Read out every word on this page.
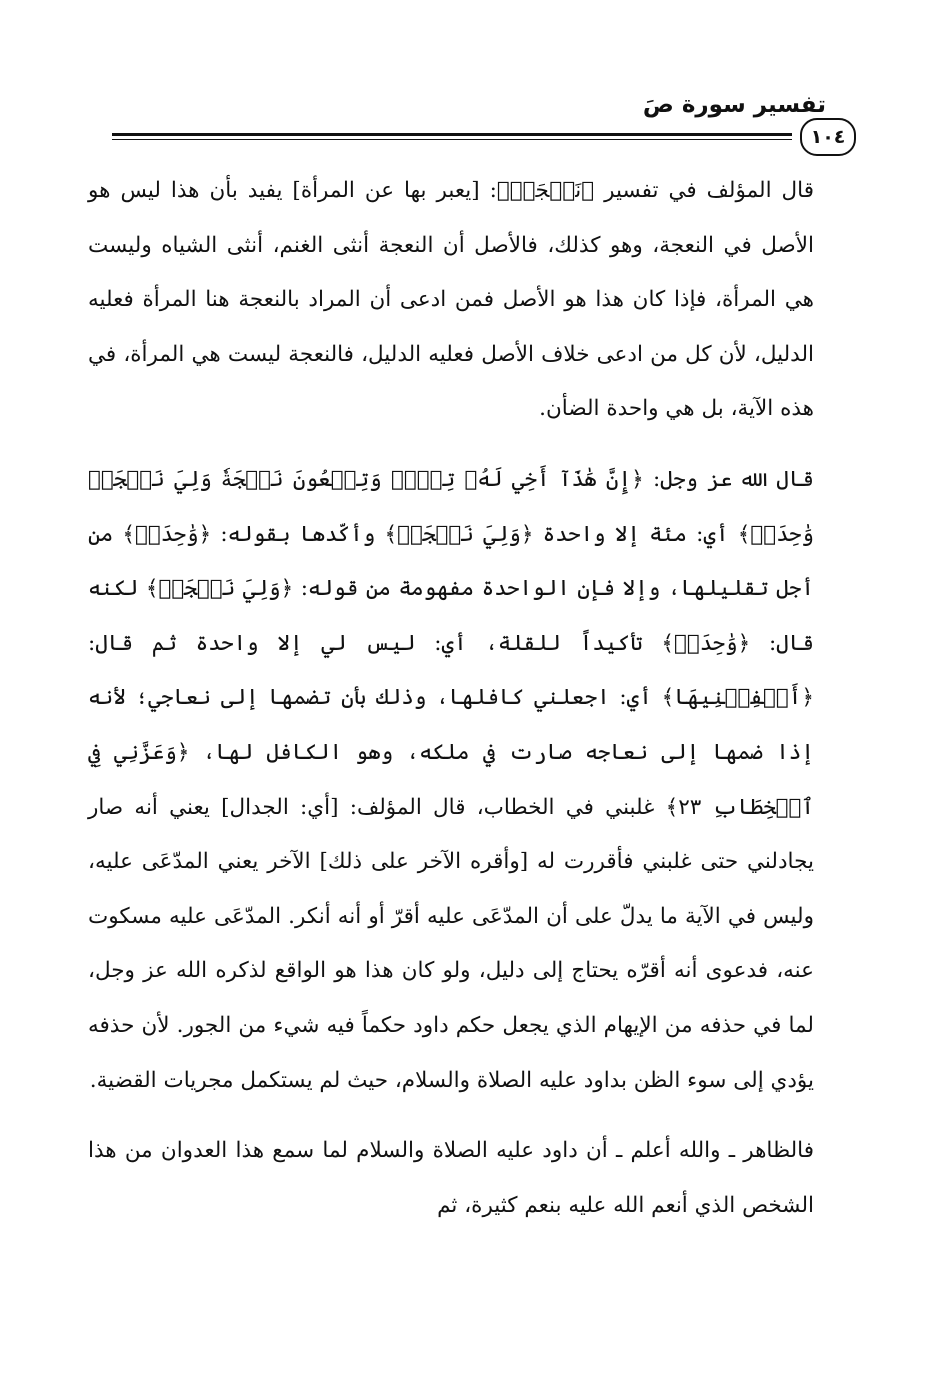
تفسير سورة صَ
١٠٤

قال المؤلف في تفسير ﴿نَعۡجَةٞ﴾: [يعبر بها عن المرأة] يفيد بأن هذا ليس هو الأصل في النعجة، وهو كذلك، فالأصل أن النعجة أنثى الغنم، أنثى الشياه وليست هي المرأة، فإذا كان هذا هو الأصل فمن ادعى أن المراد بالنعجة هنا المرأة فعليه الدليل، لأن كل من ادعى خلاف الأصل فعليه الدليل، فالنعجة ليست هي المرأة، في هذه الآية، بل هي واحدة الضأن.

قال الله عز وجل: ﴿إِنَّ هَٰذَآ أَخِي لَهُۥ تِسۡعٞ وَتِسۡعُونَ نَعۡجَةٗ وَلِيَ نَعۡجَةٞ وَٰحِدَةٞ﴾ أي: مئة إلا واحدة ﴿وَلِيَ نَعۡجَةٞ﴾ وأكّدها بقوله: ﴿وَٰحِدَةٞ﴾ من أجل تقليلها، وإلا فإن الواحدة مفهومة من قوله: ﴿وَلِيَ نَعۡجَةٞ﴾ لكنه قال: ﴿وَٰحِدَةٞ﴾ تأكيداً للقلة، أي: ليس لي إلا واحدة ثم قال: ﴿أَكۡفِلۡنِيهَا﴾ أي: اجعلني كافلها، وذلك بأن تضمها إلى نعاجي؛ لأنه إذا ضمها إلى نعاجه صارت في ملكه، وهو الكافل لها، ﴿وَعَزَّنِي فِي ٱلۡخِطَابِ ٢٣﴾ غلبني في الخطاب، قال المؤلف: [أي: الجدال] يعني أنه صار يجادلني حتى غلبني فأقررت له [وأقره الآخر على ذلك] الآخر يعني المدّعَى عليه، وليس في الآية ما يدلّ على أن المدّعَى عليه أقرّ أو أنه أنكر. المدّعَى عليه مسكوت عنه، فدعوى أنه أقرّه يحتاج إلى دليل، ولو كان هذا هو الواقع لذكره الله عز وجل، لما في حذفه من الإيهام الذي يجعل حكم داود حكماً فيه شيء من الجور. لأن حذفه يؤدي إلى سوء الظن بداود عليه الصلاة والسلام، حيث لم يستكمل مجريات القضية.

فالظاهر ـ والله أعلم ـ أن داود عليه الصلاة والسلام لما سمع هذا العدوان من هذا الشخص الذي أنعم الله عليه بنعم كثيرة، ثم
